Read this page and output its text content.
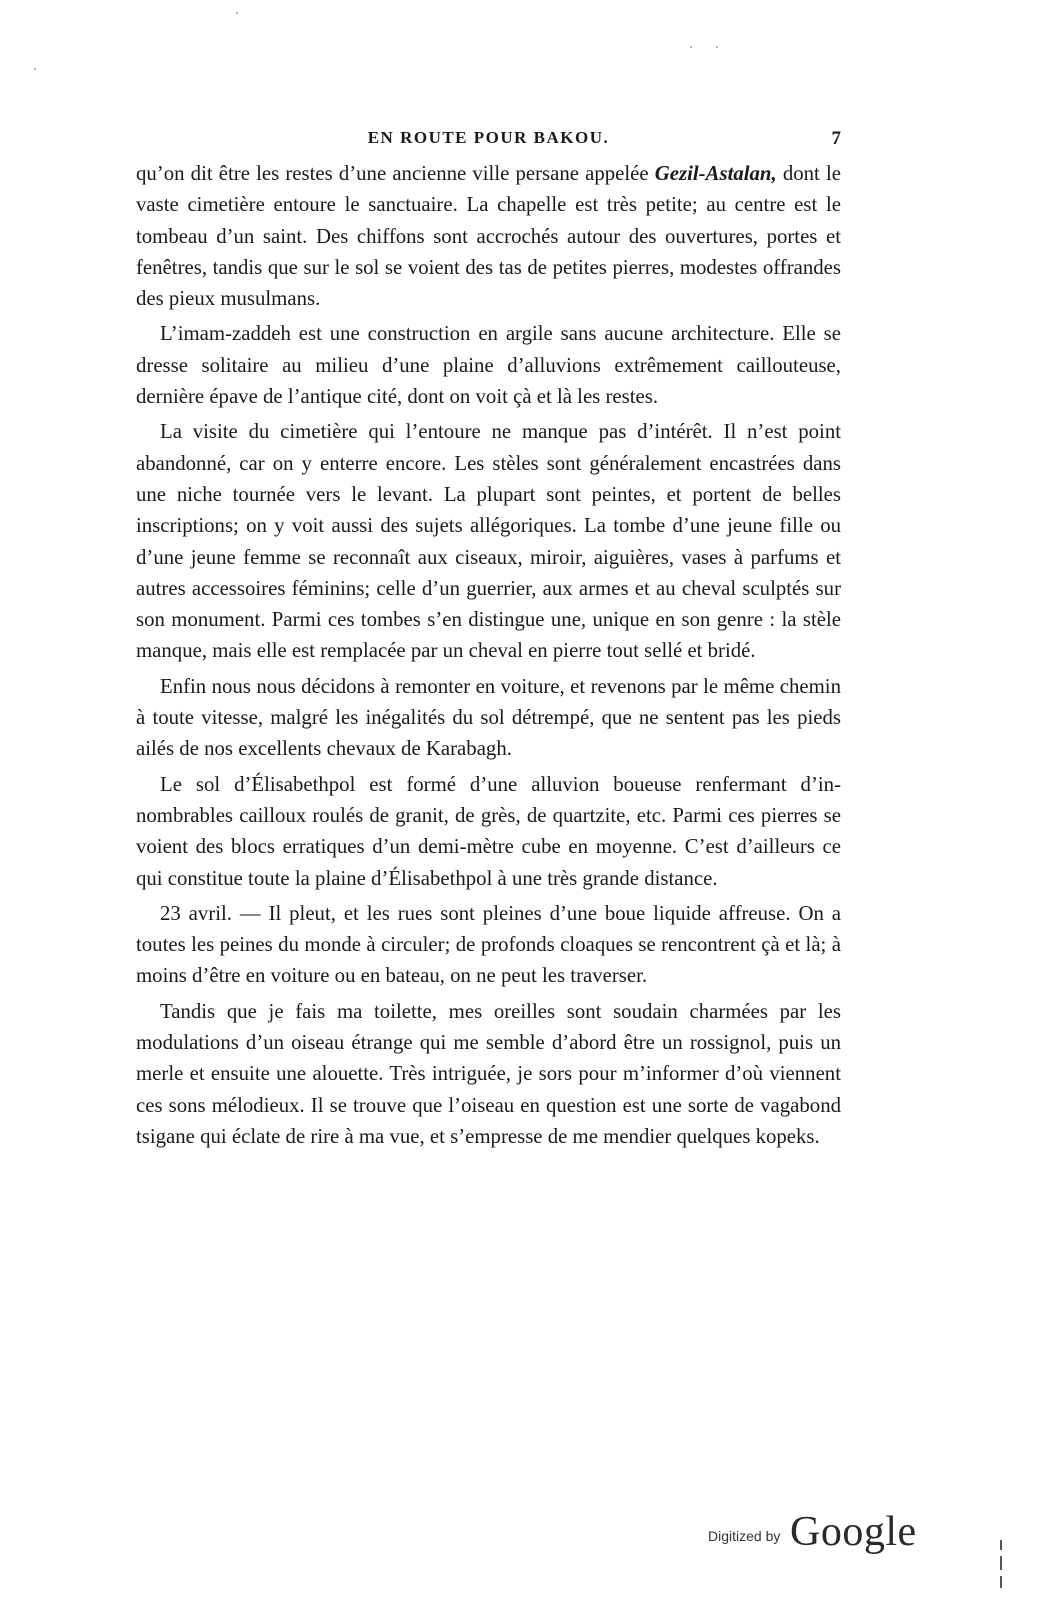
EN ROUTE POUR BAKOU.	7

qu’on dit être les restes d’une ancienne ville persane appelée Gezil-Astalan, dont le vaste cimetière entoure le sanctuaire. La chapelle est très petite; au centre est le tombeau d’un saint. Des chiffons sont accrochés autour des ouvertures, portes et fenêtres, tandis que sur le sol se voient des tas de petites pierres, modestes offrandes des pieux musulmans.

L’imam-zaddeh est une construction en argile sans aucune architecture. Elle se dresse solitaire au milieu d’une plaine d’alluvions extrêmement caillouteuse, dernière épave de l’antique cité, dont on voit çà et là les restes.

La visite du cimetière qui l’entoure ne manque pas d’intérêt. Il n’est point abandonné, car on y enterre encore. Les stèles sont généralement encastrées dans une niche tournée vers le levant. La plupart sont peintes, et portent de belles inscriptions; on y voit aussi des sujets allégoriques. La tombe d’une jeune fille ou d’une jeune femme se reconnaît aux ciseaux, miroir, aiguières, vases à parfums et autres accessoires féminins; celle d’un guerrier, aux armes et au cheval sculptés sur son monument. Parmi ces tombes s’en distingue une, unique en son genre : la stèle manque, mais elle est remplacée par un cheval en pierre tout sellé et bridé.

Enfin nous nous décidons à remonter en voiture, et revenons par le même chemin à toute vitesse, malgré les inégalités du sol détrempé, que ne sentent pas les pieds ailés de nos excellents chevaux de Karabagh.

Le sol d’Élisabethpol est formé d’une alluvion boueuse renfermant d’innombrables cailloux roulés de granit, de grès, de quartzite, etc. Parmi ces pierres se voient des blocs erratiques d’un demi-mètre cube en moyenne. C’est d’ailleurs ce qui constitue toute la plaine d’Élisabethpol à une très grande distance.

23 avril. — Il pleut, et les rues sont pleines d’une boue liquide affreuse. On a toutes les peines du monde à circuler; de profonds cloaques se rencontrent çà et là; à moins d’être en voiture ou en bateau, on ne peut les traverser.

Tandis que je fais ma toilette, mes oreilles sont soudain charmées par les modulations d’un oiseau étrange qui me semble d’abord être un rossignol, puis un merle et ensuite une alouette. Très intriguée, je sors pour m’informer d’où viennent ces sons mélodieux. Il se trouve que l’oiseau en question est une sorte de vagabond tsigane qui éclate de rire à ma vue, et s’empresse de me mendier quelques kopeks.

Digitized by Google
